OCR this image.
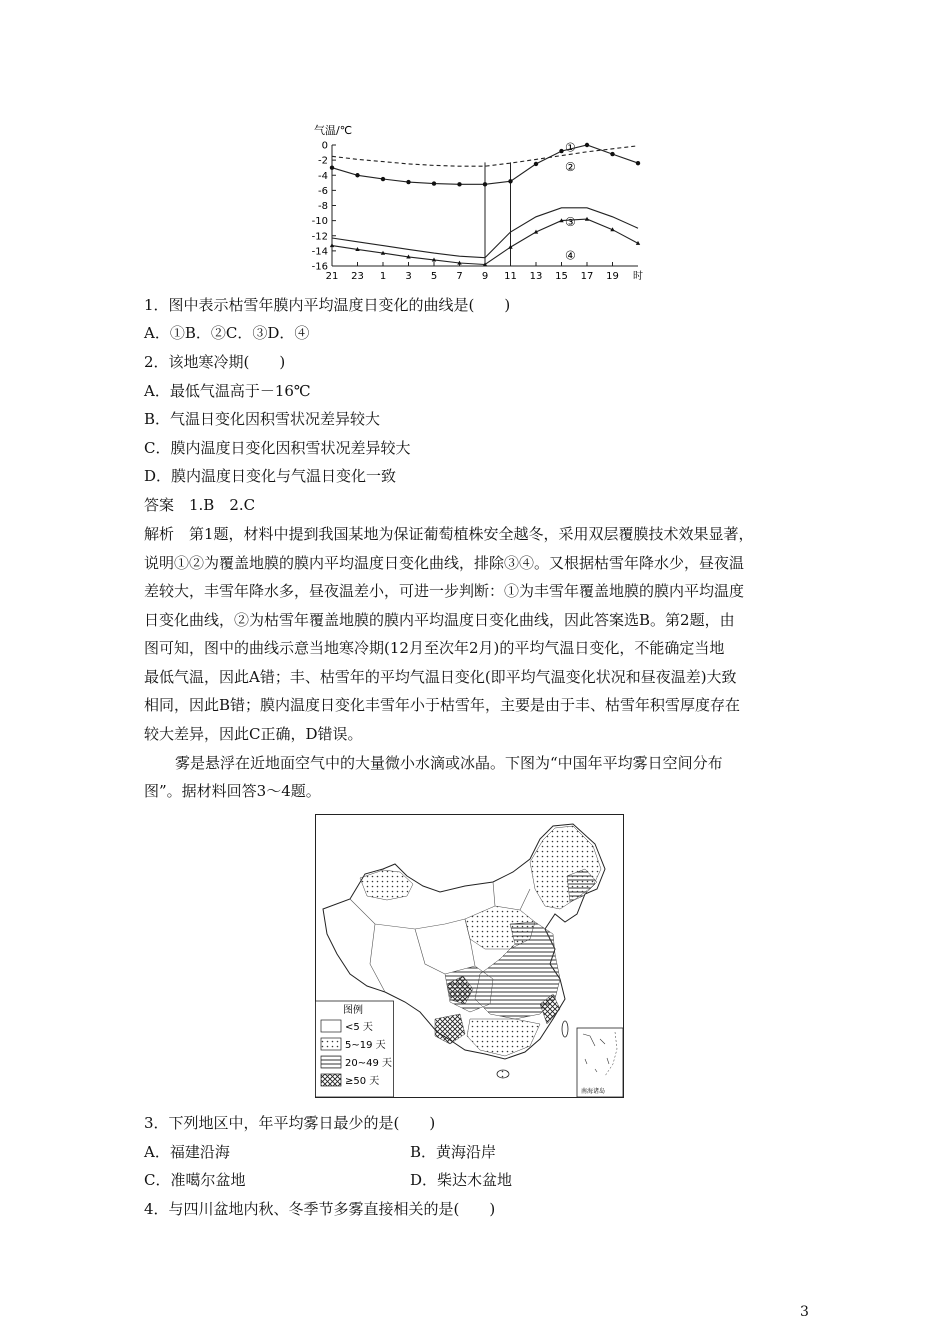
气温/℃
0
-2
-4
-6
-8
-10
-12
-14
-16
21 23 1 3 5 7 9 11 13 15 17 19 时
①
②
③
④
1．图中表示枯雪年膜内平均温度日变化的曲线是(　　)
A．①B．②C．③D．④
2．该地寒冷期(　　)
A．最低气温高于－16℃
B．气温日变化因积雪状况差异较大
C．膜内温度日变化因积雪状况差异较大
D．膜内温度日变化与气温日变化一致
答案　1.B　2.C
解析　第1题，材料中提到我国某地为保证葡萄植株安全越冬，采用双层覆膜技术效果显著，
说明①②为覆盖地膜的膜内平均温度日变化曲线，排除③④。又根据枯雪年降水少，昼夜温
差较大，丰雪年降水多，昼夜温差小，可进一步判断：①为丰雪年覆盖地膜的膜内平均温度
日变化曲线，②为枯雪年覆盖地膜的膜内平均温度日变化曲线，因此答案选B。第2题，由
图可知，图中的曲线示意当地寒冷期(12月至次年2月)的平均气温日变化，不能确定当地
最低气温，因此A错；丰、枯雪年的平均气温日变化(即平均气温变化状况和昼夜温差)大致
相同，因此B错；膜内温度日变化丰雪年小于枯雪年，主要是由于丰、枯雪年积雪厚度存在
较大差异，因此C正确，D错误。
雾是悬浮在近地面空气中的大量微小水滴或冰晶。下图为“中国年平均雾日空间分布
图”。据材料回答3～4题。
图例
<5 天
5~19 天
20~49 天
≥50 天
南海诸岛
3．下列地区中，年平均雾日最少的是(　　)
A．福建沿海	B．黄海沿岸
C．准噶尔盆地	D．柴达木盆地
4．与四川盆地内秋、冬季节多雾直接相关的是(　　)
3
